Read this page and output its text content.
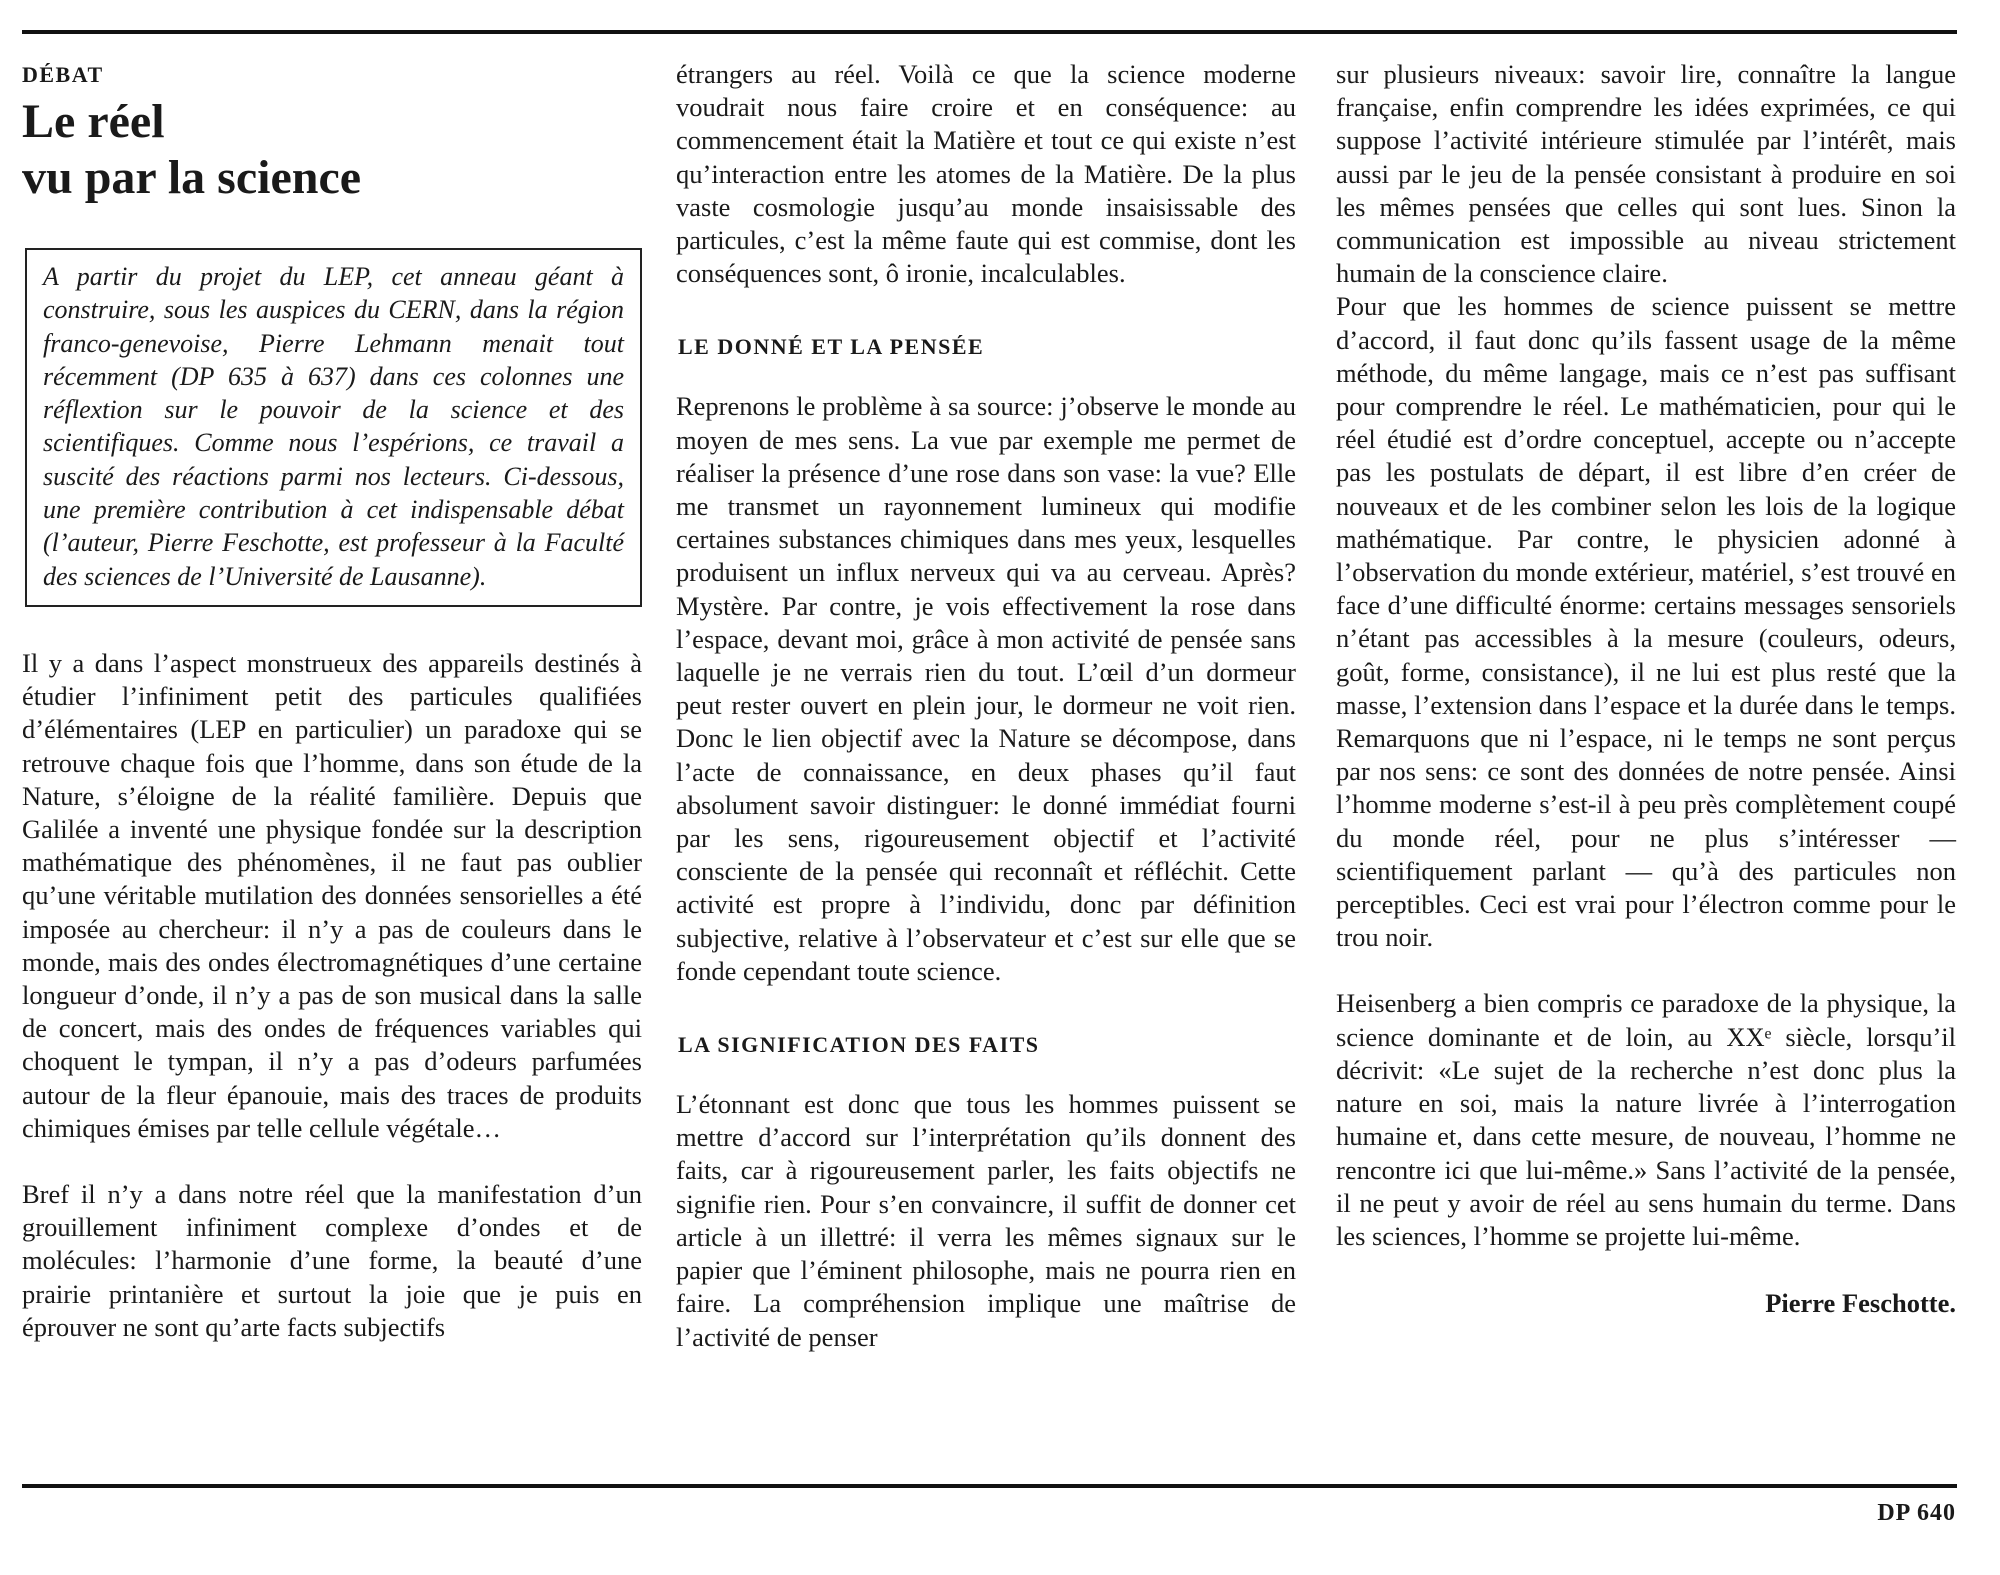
DÉBAT
Le réel
vu par la science
A partir du projet du LEP, cet anneau géant à construire, sous les auspices du CERN, dans la région franco-genevoise, Pierre Lehmann menait tout récemment (DP 635 à 637) dans ces colonnes une réflextion sur le pouvoir de la science et des scientifiques. Comme nous l’espérions, ce travail a suscité des réactions parmi nos lecteurs. Ci-dessous, une première contribution à cet indispensable débat (l’auteur, Pierre Feschotte, est professeur à la Faculté des sciences de l’Université de Lausanne).

Il y a dans l’aspect monstrueux des appareils destinés à étudier l’infiniment petit des particules qualifiées d’élémentaires (LEP en particulier) un paradoxe qui se retrouve chaque fois que l’homme, dans son étude de la Nature, s’éloigne de la réalité familière. Depuis que Galilée a inventé une physique fondée sur la description mathématique des phénomènes, il ne faut pas oublier qu’une véritable mutilation des données sensorielles a été imposée au chercheur: il n’y a pas de couleurs dans le monde, mais des ondes électromagnétiques d’une certaine longueur d’onde, il n’y a pas de son musical dans la salle de concert, mais des ondes de fréquences variables qui choquent le tympan, il n’y a pas d’odeurs parfumées autour de la fleur épanouie, mais des traces de produits chimiques émises par telle cellule végétale…

Bref il n’y a dans notre réel que la manifestation d’un grouillement infiniment complexe d’ondes et de molécules: l’harmonie d’une forme, la beauté d’une prairie printanière et surtout la joie que je puis en éprouver ne sont qu’arte facts subjectifs

étrangers au réel. Voilà ce que la science moderne voudrait nous faire croire et en conséquence: au commencement était la Matière et tout ce qui existe n’est qu’interaction entre les atomes de la Matière. De la plus vaste cosmologie jusqu’au monde insaisissable des particules, c’est la même faute qui est commise, dont les conséquences sont, ô ironie, incalculables.

LE DONNÉ ET LA PENSÉE

Reprenons le problème à sa source: j’observe le monde au moyen de mes sens. La vue par exemple me permet de réaliser la présence d’une rose dans son vase: la vue? Elle me transmet un rayonnement lumineux qui modifie certaines substances chimiques dans mes yeux, lesquelles produisent un influx nerveux qui va au cerveau. Après? Mystère. Par contre, je vois effectivement la rose dans l’espace, devant moi, grâce à mon activité de pensée sans laquelle je ne verrais rien du tout. L’œil d’un dormeur peut rester ouvert en plein jour, le dormeur ne voit rien. Donc le lien objectif avec la Nature se décompose, dans l’acte de connaissance, en deux phases qu’il faut absolument savoir distinguer: le donné immédiat fourni par les sens, rigoureusement objectif et l’activité consciente de la pensée qui reconnaît et réfléchit. Cette activité est propre à l’individu, donc par définition subjective, relative à l’observateur et c’est sur elle que se fonde cependant toute science.

LA SIGNIFICATION DES FAITS

L’étonnant est donc que tous les hommes puissent se mettre d’accord sur l’interprétation qu’ils donnent des faits, car à rigoureusement parler, les faits objectifs ne signifie rien. Pour s’en convaincre, il suffit de donner cet article à un illettré: il verra les mêmes signaux sur le papier que l’éminent philosophe, mais ne pourra rien en faire. La compréhension implique une maîtrise de l’activité de penser

sur plusieurs niveaux: savoir lire, connaître la langue française, enfin comprendre les idées exprimées, ce qui suppose l’activité intérieure stimulée par l’intérêt, mais aussi par le jeu de la pensée consistant à produire en soi les mêmes pensées que celles qui sont lues. Sinon la communication est impossible au niveau strictement humain de la conscience claire.

Pour que les hommes de science puissent se mettre d’accord, il faut donc qu’ils fassent usage de la même méthode, du même langage, mais ce n’est pas suffisant pour comprendre le réel. Le mathématicien, pour qui le réel étudié est d’ordre conceptuel, accepte ou n’accepte pas les postulats de départ, il est libre d’en créer de nouveaux et de les combiner selon les lois de la logique mathématique. Par contre, le physicien adonné à l’observation du monde extérieur, matériel, s’est trouvé en face d’une difficulté énorme: certains messages sensoriels n’étant pas accessibles à la mesure (couleurs, odeurs, goût, forme, consistance), il ne lui est plus resté que la masse, l’extension dans l’espace et la durée dans le temps. Remarquons que ni l’espace, ni le temps ne sont perçus par nos sens: ce sont des données de notre pensée. Ainsi l’homme moderne s’est-il à peu près complètement coupé du monde réel, pour ne plus s’intéresser — scientifiquement parlant — qu’à des particules non perceptibles. Ceci est vrai pour l’électron comme pour le trou noir.

Heisenberg a bien compris ce paradoxe de la physique, la science dominante et de loin, au XXᵉ siècle, lorsqu’il décrivit: «Le sujet de la recherche n’est donc plus la nature en soi, mais la nature livrée à l’interrogation humaine et, dans cette mesure, de nouveau, l’homme ne rencontre ici que lui-même.» Sans l’activité de la pensée, il ne peut y avoir de réel au sens humain du terme. Dans les sciences, l’homme se projette lui-même.

Pierre Feschotte.
DP 640
